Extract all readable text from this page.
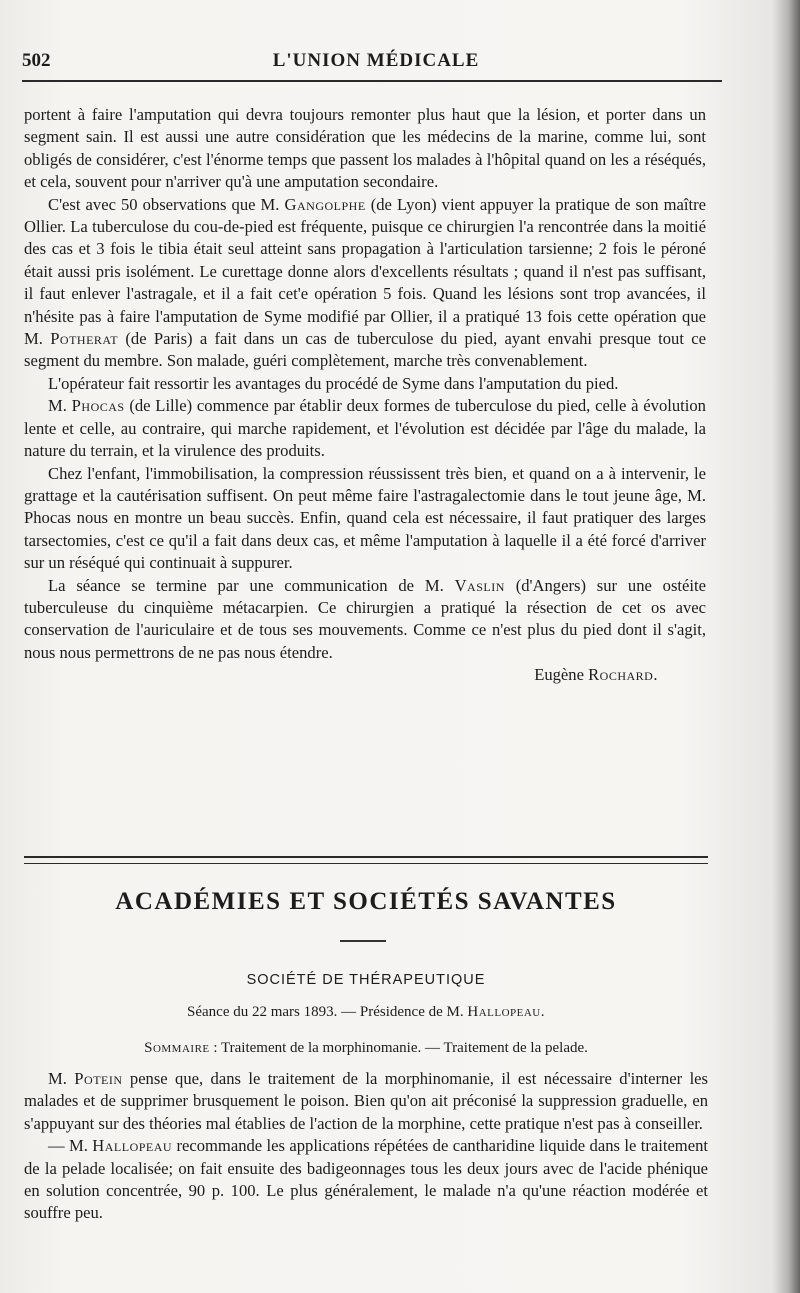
502	L'UNION MÉDICALE

portent à faire l'amputation qui devra toujours remonter plus haut que la lésion, et porter dans un segment sain. Il est aussi une autre considération que les médecins de la marine, comme lui, sont obligés de considérer, c'est l'énorme temps que passent los malades à l'hôpital quand on les a réséqués, et cela, souvent pour n'arriver qu'à une amputation secondaire.

C'est avec 50 observations que M. Gangolphe (de Lyon) vient appuyer la pratique de son maître Ollier. La tuberculose du cou-de-pied est fréquente, puisque ce chirurgien l'a rencontrée dans la moitié des cas et 3 fois le tibia était seul atteint sans propagation à l'articulation tarsienne; 2 fois le péroné était aussi pris isolément. Le curettage donne alors d'excellents résultats ; quand il n'est pas suffisant, il faut enlever l'astragale, et il a fait cet'e opération 5 fois. Quand les lésions sont trop avancées, il n'hésite pas à faire l'amputation de Syme modifié par Ollier, il a pratiqué 13 fois cette opération que M. Potherat (de Paris) a fait dans un cas de tuberculose du pied, ayant envahi presque tout ce segment du membre. Son malade, guéri complètement, marche très convenablement.

L'opérateur fait ressortir les avantages du procédé de Syme dans l'amputation du pied.

M. Phocas (de Lille) commence par établir deux formes de tuberculose du pied, celle à évolution lente et celle, au contraire, qui marche rapidement, et l'évolution est décidée par l'âge du malade, la nature du terrain, et la virulence des produits.

Chez l'enfant, l'immobilisation, la compression réussissent très bien, et quand on a à intervenir, le grattage et la cautérisation suffisent. On peut même faire l'astragalectomie dans le tout jeune âge, M. Phocas nous en montre un beau succès. Enfin, quand cela est nécessaire, il faut pratiquer des larges tarsectomies, c'est ce qu'il a fait dans deux cas, et même l'amputation à laquelle il a été forcé d'arriver sur un réséqué qui continuait à suppurer.

La séance se termine par une communication de M. Vaslin (d'Angers) sur une ostéite tuberculeuse du cinquième métacarpien. Ce chirurgien a pratiqué la résection de cet os avec conservation de l'auriculaire et de tous ses mouvements. Comme ce n'est plus du pied dont il s'agit, nous nous permettrons de ne pas nous étendre.

Eugène Rochard.

ACADÉMIES ET SOCIÉTÉS SAVANTES
SOCIÉTÉ DE THÉRAPEUTIQUE
Séance du 22 mars 1893. — Présidence de M. Hallopeau.
Sommaire : Traitement de la morphinomanie. — Traitement de la pelade.

M. Potein pense que, dans le traitement de la morphinomanie, il est nécessaire d'interner les malades et de supprimer brusquement le poison. Bien qu'on ait préconisé la suppression graduelle, en s'appuyant sur des théories mal établies de l'action de la morphine, cette pratique n'est pas à conseiller.

— M. Hallopeau recommande les applications répétées de cantharidine liquide dans le traitement de la pelade localisée; on fait ensuite des badigeonnages tous les deux jours avec de l'acide phénique en solution concentrée, 90 p. 100. Le plus généralement, le malade n'a qu'une réaction modérée et souffre peu.
